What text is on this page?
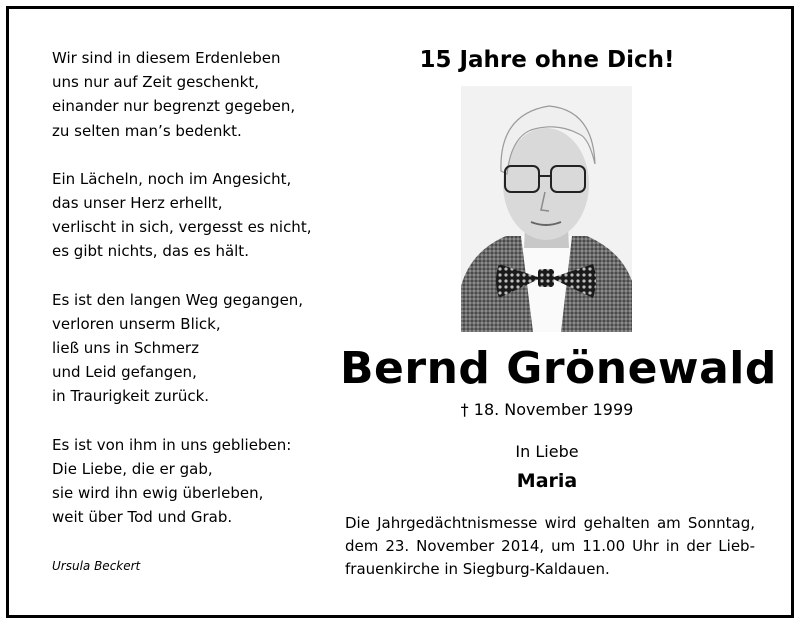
Wir sind in diesem Erdenleben
uns nur auf Zeit geschenkt,
einander nur begrenzt gegeben,
zu selten man’s bedenkt.
Ein Lächeln, noch im Angesicht,
das unser Herz erhellt,
verlischt in sich, vergesst es nicht,
es gibt nichts, das es hält.
Es ist den langen Weg gegangen,
verloren unserm Blick,
ließ uns in Schmerz
und Leid gefangen,
in Traurigkeit zurück.
Es ist von ihm in uns geblieben:
Die Liebe, die er gab,
sie wird ihn ewig überleben,
weit über Tod und Grab.
Ursula Beckert
15 Jahre ohne Dich!
Bernd Grönewald
† 18. November 1999
In Liebe
Maria
Die Jahrgedächtnismesse wird gehalten am Sonntag,
dem 23. November 2014, um 11.00 Uhr in der Lieb-
frauenkirche in Siegburg-Kaldauen.
